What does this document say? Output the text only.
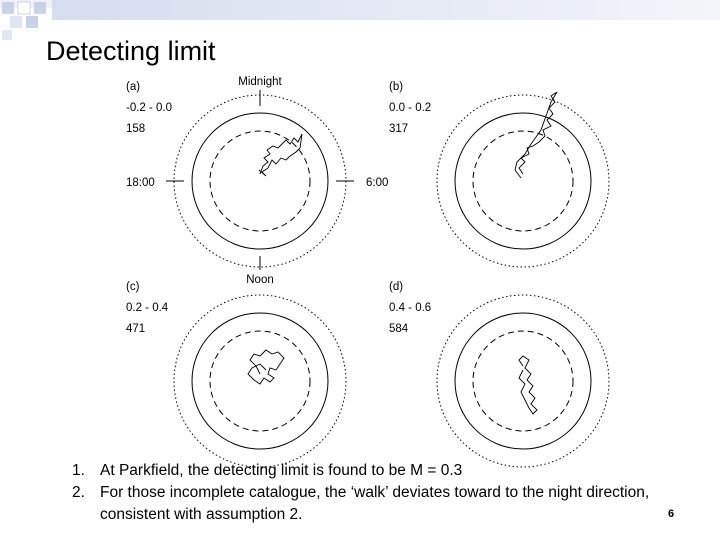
Detecting limit
(a)
-0.2 - 0.0
158
Midnight
18:00	6:00
(b)
0.0 - 0.2
317
(c)
0.2 - 0.4
471
Noon
(d)
0.4 - 0.6
584
1. At Parkfield, the detecting limit is found to be M = 0.3
2. For those incomplete catalogue, the ‘walk’ deviates toward to the night direction, consistent with assumption 2.	6
